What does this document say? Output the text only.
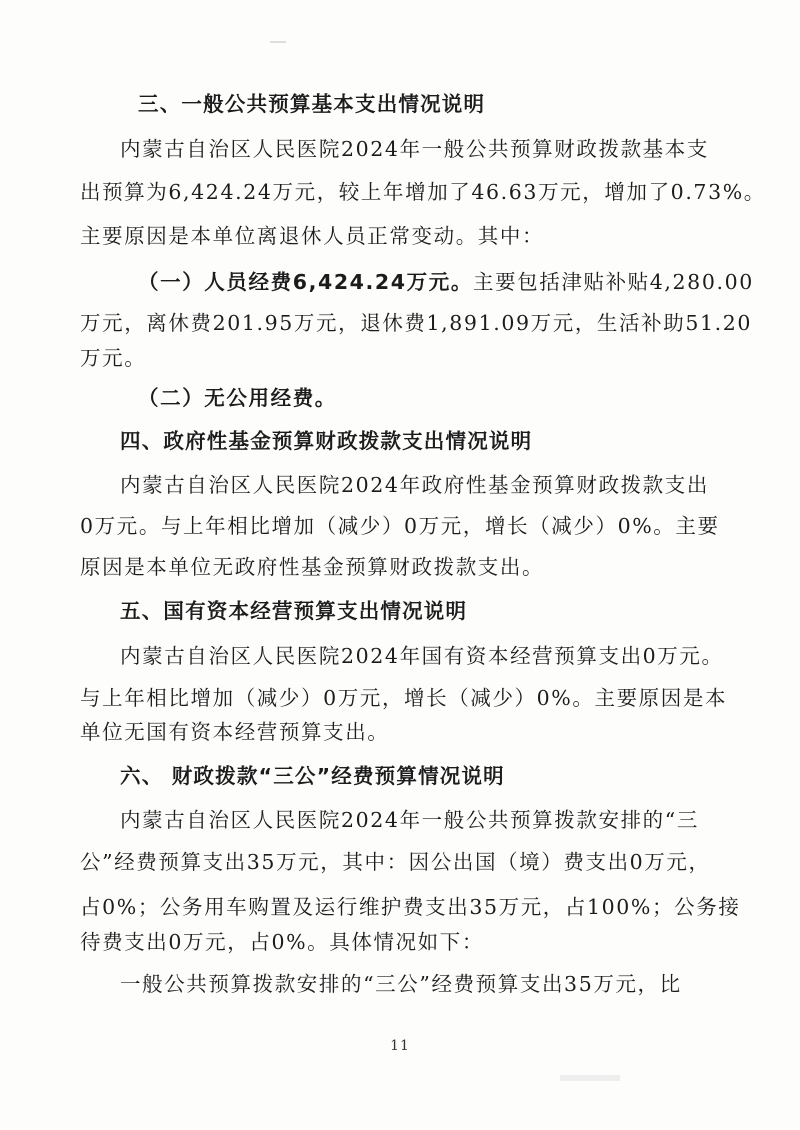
三、一般公共预算基本支出情况说明
内蒙古自治区人民医院2024年一般公共预算财政拨款基本支
出预算为6,424.24万元，较上年增加了46.63万元，增加了0.73%。
主要原因是本单位离退休人员正常变动。其中：
（一）人员经费6,424.24万元。主要包括津贴补贴4,280.00
万元，离休费201.95万元，退休费1,891.09万元，生活补助51.20
万元。
（二）无公用经费。
四、政府性基金预算财政拨款支出情况说明
内蒙古自治区人民医院2024年政府性基金预算财政拨款支出
0万元。与上年相比增加（减少）0万元，增长（减少）0%。主要
原因是本单位无政府性基金预算财政拨款支出。
五、国有资本经营预算支出情况说明
内蒙古自治区人民医院2024年国有资本经营预算支出0万元。
与上年相比增加（减少）0万元，增长（减少）0%。主要原因是本
单位无国有资本经营预算支出。
六、 财政拨款“三公”经费预算情况说明
内蒙古自治区人民医院2024年一般公共预算拨款安排的“三
公”经费预算支出35万元，其中：因公出国（境）费支出0万元，
占0%；公务用车购置及运行维护费支出35万元，占100%；公务接
待费支出0万元，占0%。具体情况如下：
一般公共预算拨款安排的“三公”经费预算支出35万元，比
11
